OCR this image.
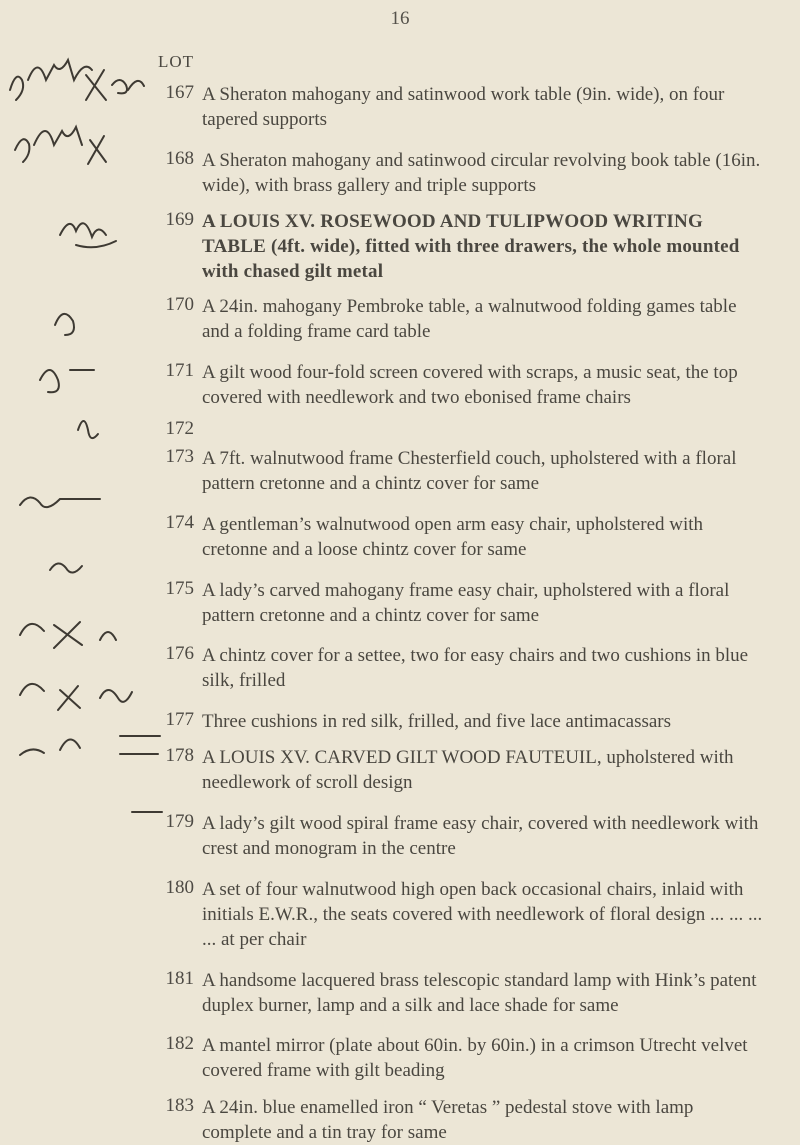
16
LOT
167 A Sheraton mahogany and satinwood work table (9in. wide), on four tapered supports
168 A Sheraton mahogany and satinwood circular revolving book table (16in. wide), with brass gallery and triple supports
169 A LOUIS XV. ROSEWOOD AND TULIPWOOD WRITING TABLE (4ft. wide), fitted with three drawers, the whole mounted with chased gilt metal
170 A 24in. mahogany Pembroke table, a walnutwood folding games table and a folding frame card table
171 A gilt wood four-fold screen covered with scraps, a music seat, the top covered with needlework and two ebonised frame chairs
172
173 A 7ft. walnutwood frame Chesterfield couch, upholstered with a floral pattern cretonne and a chintz cover for same
174 A gentleman’s walnutwood open arm easy chair, upholstered with cretonne and a loose chintz cover for same
175 A lady’s carved mahogany frame easy chair, upholstered with a floral pattern cretonne and a chintz cover for same
176 A chintz cover for a settee, two for easy chairs and two cushions in blue silk, frilled
177 Three cushions in red silk, frilled, and five lace antimacassars
178 A LOUIS XV. CARVED GILT WOOD FAUTEUIL, upholstered with needlework of scroll design
179 A lady’s gilt wood spiral frame easy chair, covered with needlework with crest and monogram in the centre
180 A set of four walnutwood high open back occasional chairs, inlaid with initials E.W.R., the seats covered with needlework of floral design ... ... ... ... at per chair
181 A handsome lacquered brass telescopic standard lamp with Hink’s patent duplex burner, lamp and a silk and lace shade for same
182 A mantel mirror (plate about 60in. by 60in.) in a crimson Utrecht velvet covered frame with gilt beading
183 A 24in. blue enamelled iron “ Veretas ” pedestal stove with lamp complete and a tin tray for same
